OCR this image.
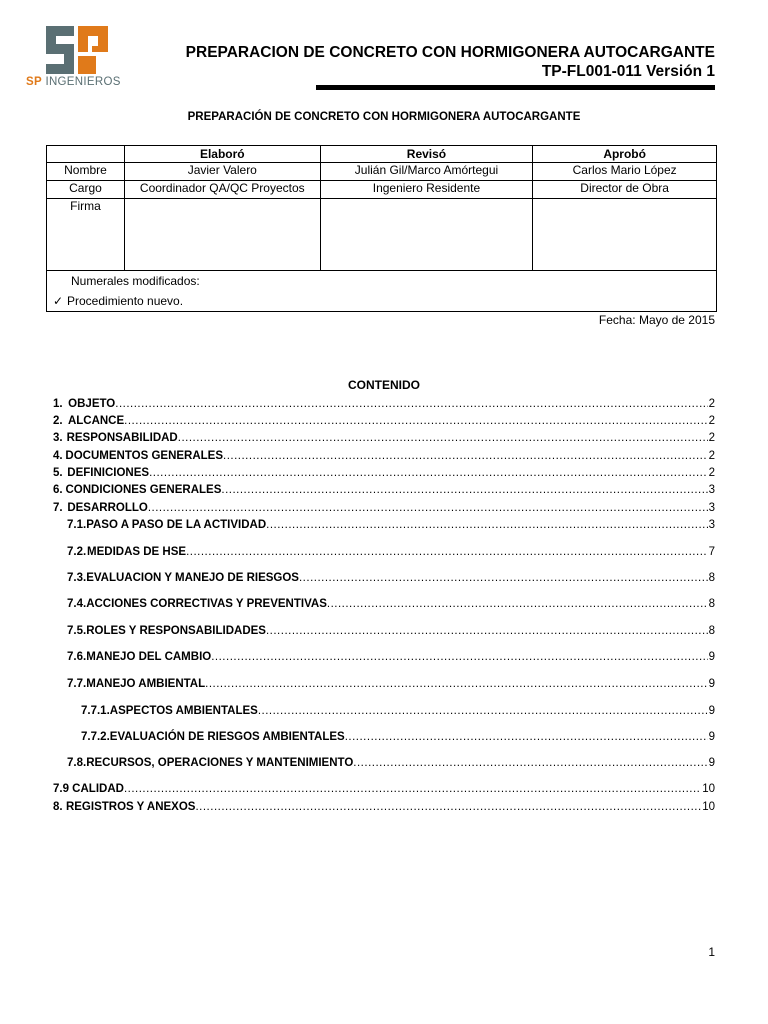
SP INGENIEROS
PREPARACION DE CONCRETO CON HORMIGONERA AUTOCARGANTE
TP-FL001-011 Versión 1
PREPARACIÓN DE CONCRETO CON HORMIGONERA AUTOCARGANTE
	Elaboró	Revisó	Aprobó
Nombre	Javier Valero	Julián Gil/Marco Amórtegui	Carlos Mario López
Cargo	Coordinador QA/QC Proyectos	Ingeniero Residente	Director de Obra
Firma			

Numerales modificados:
✓ Procedimiento nuevo.			
Fecha: Mayo de 2015
CONTENIDO
1. OBJETO .....	2
2. ALCANCE .....	2
3. RESPONSABILIDAD .....	2
4. DOCUMENTOS GENERALES .....	2
5. DEFINICIONES .....	2
6. CONDICIONES GENERALES .....	3
7. DESARROLLO .....	3
7.1. PASO A PASO DE LA ACTIVIDAD .....	3
7.2. MEDIDAS DE HSE .....	7
7.3. EVALUACION Y MANEJO DE RIESGOS .....	8
7.4. ACCIONES CORRECTIVAS Y PREVENTIVAS .....	8
7.5. ROLES Y RESPONSABILIDADES .....	8
7.6. MANEJO DEL CAMBIO .....	9
7.7. MANEJO AMBIENTAL .....	9
7.7.1. ASPECTOS AMBIENTALES .....	9
7.7.2. EVALUACIÓN DE RIESGOS AMBIENTALES .....	9
7.8. RECURSOS, OPERACIONES Y MANTENIMIENTO .....	9
7.9 CALIDAD .....	10
8. REGISTROS Y ANEXOS .....	10
1
